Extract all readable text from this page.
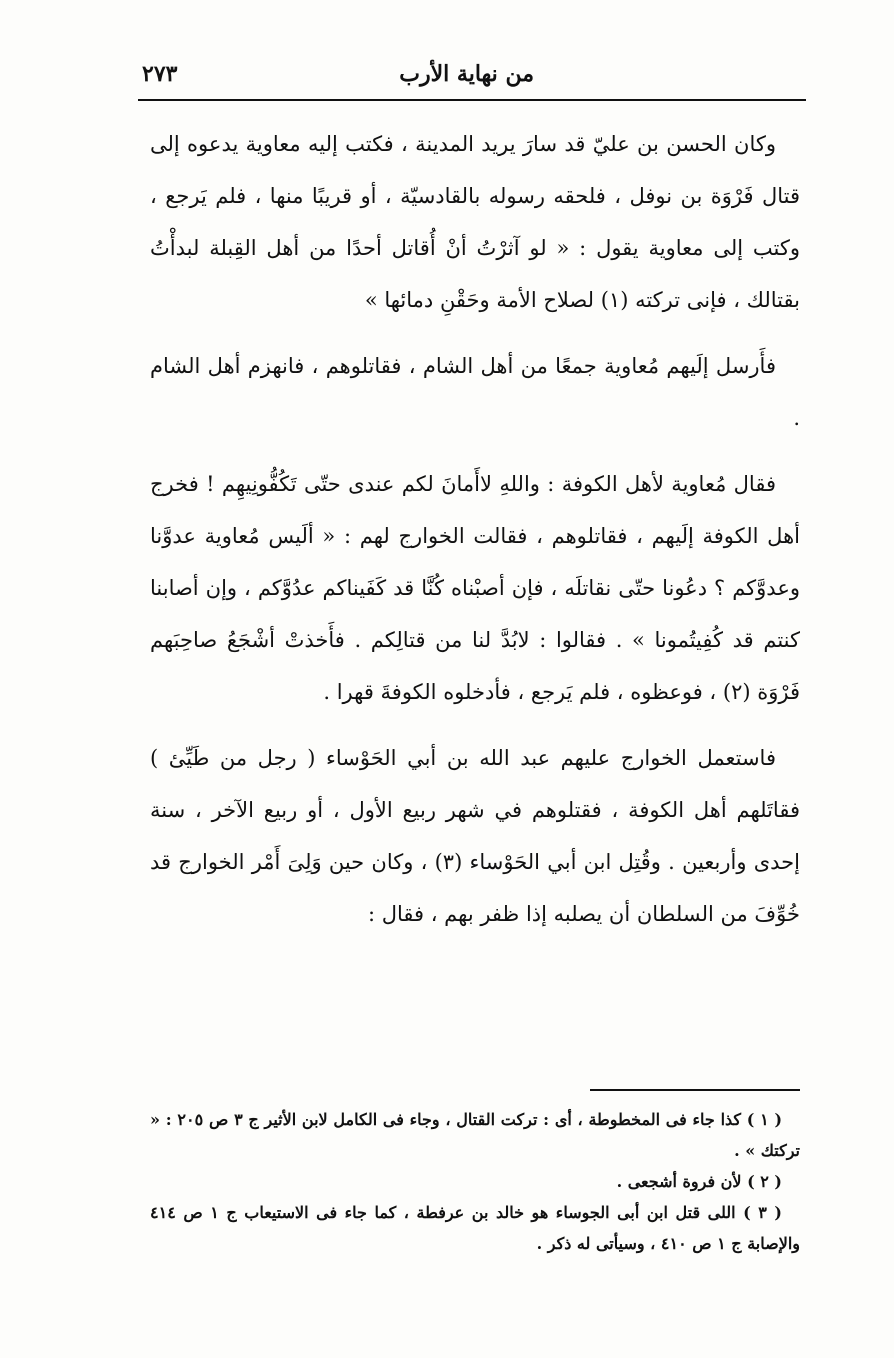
من نهاية الأرب
٢٧٣

وكان الحسن بن عليّ قد سارَ يريد المدينة ، فكتب إليه معاوية يدعوه إلى قتال فَرْوَة بن نوفل ، فلحقه رسوله بالقادسيّة ، أو قريبًا منها ، فلم يَرجع ، وكتب إلى معاوية يقول : « لو آثرْتُ أنْ أُقاتل أحدًا من أهل القِبلة لبدأْتُ بقتالك ، فإنى تركته (١) لصلاح الأمة وحَقْنِ دمائها »

فأَرسل إلَيهم مُعاوية جمعًا من أهل الشام ، فقاتلوهم ، فانهزم أهل الشام .

فقال مُعاوية لأهل الكوفة : واللهِ لاأَمانَ لكم عندى حتّى تَكُفُّونِيهِم ! فخرج أهل الكوفة إلَيهم ، فقاتلوهم ، فقالت الخوارج لهم : « ألَيس مُعاوية عدوَّنا وعدوَّكم ؟ دعُونا حتّى نقاتلَه ، فإن أصبْناه كُنَّا قد كَفَيناكم عدُوَّكم ، وإن أصابنا كنتم قد كُفِيتُمونا » . فقالوا : لابُدَّ لنا من قتالِكم . فأَخذتْ أشْجَعُ صاحِبَهم فَرْوَة (٢) ، فوعظوه ، فلم يَرجع ، فأدخلوه الكوفةَ قهرا .

فاستعمل الخوارج عليهم عبد الله بن أبي الحَوْساء ( رجل من طَيِّئ ) فقاتَلهم أهل الكوفة ، فقتلوهم في شهر ربيع الأول ، أو ربيع الآخر ، سنة إحدى وأربعين . وقُتِل ابن أبي الحَوْساء (٣) ، وكان حين وَلِىَ أَمْر الخوارج قد خُوِّفَ من السلطان أن يصلبه إذا ظفر بهم ، فقال :

( ١ ) كذا جاء فى المخطوطة ، أى : تركت القتال ، وجاء فى الكامل لابن الأثير ج ٣ ص ٢٠٥ : « تركتك » .

( ٢ ) لأن فروة أشجعى .

( ٣ ) اللى قتل ابن أبى الجوساء هو خالد بن عرفطة ، كما جاء فى الاستيعاب ج ١ ص ٤١٤ والإصابة ج ١ ص ٤١٠ ، وسيأتى له ذكر .
